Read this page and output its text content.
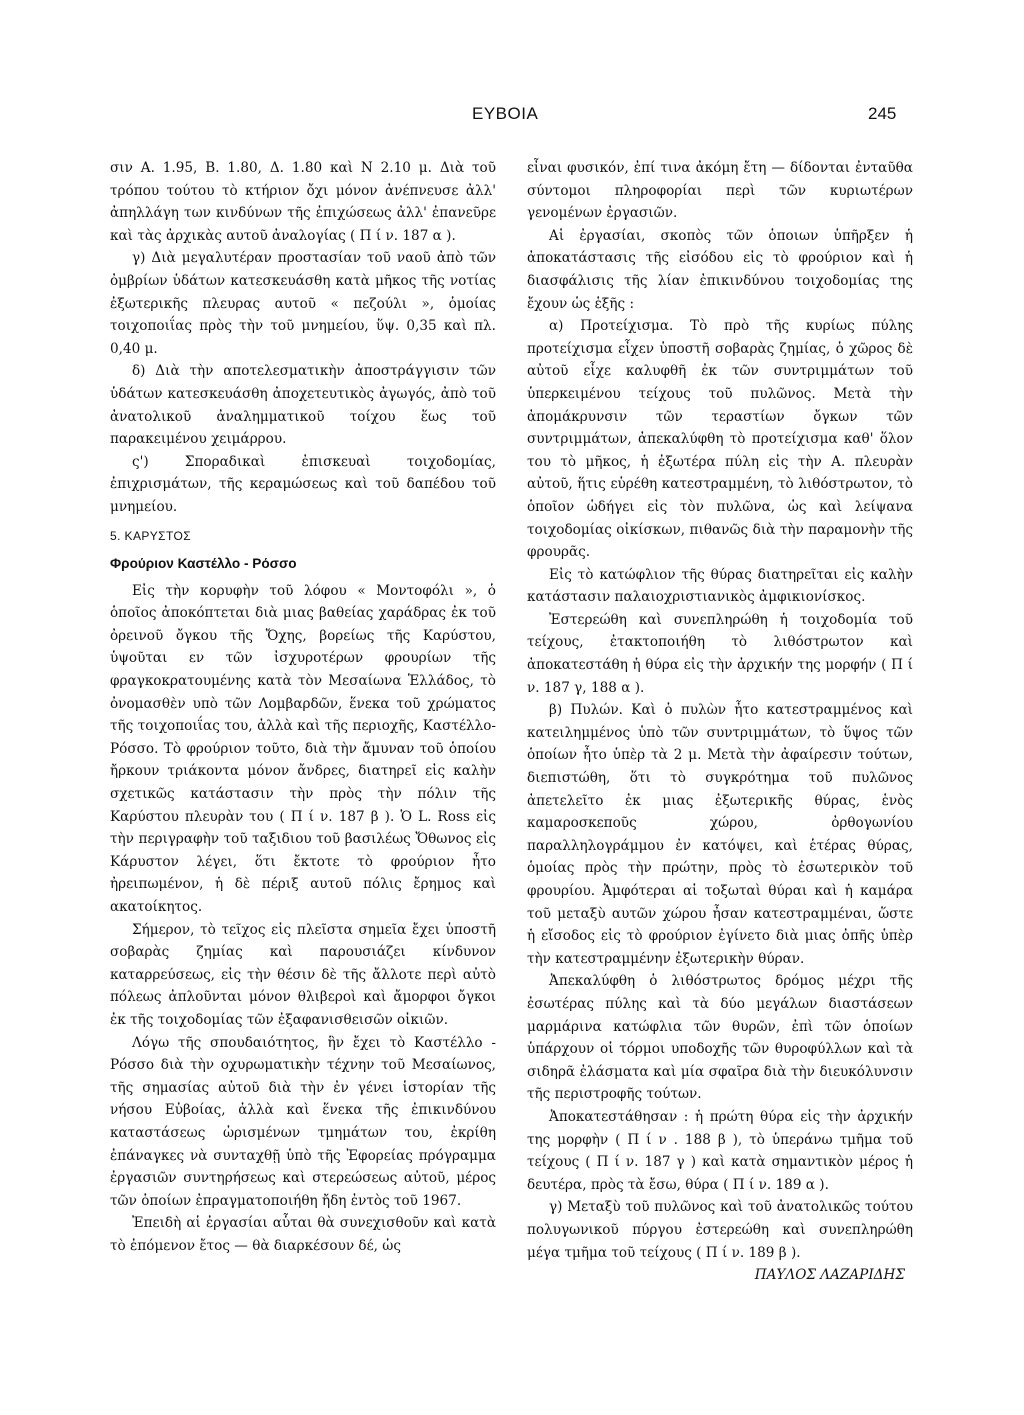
ΕΥΒΟΙΑ	245

σιν Α. 1.95, Β. 1.80, Δ. 1.80 καὶ Ν 2.10 μ. Διὰ τοῦ τρόπου τούτου τὸ κτήριον ὄχι μόνον ἀνέπνευσε ἀλλ' ἀπηλλάγη των κινδύνων τῆς ἐπιχώσεως ἀλλ' ἐπανεῦρε καὶ τὰς ἀρχικὰς αυτοῦ ἀναλογίας ( Π ί ν. 187 α ).

γ) Διὰ μεγαλυτέραν προστασίαν τοῦ ναοῦ ἀπὸ τῶν ὀμβρίων ὑδάτων κατεσκευάσθη κατὰ μῆκος τῆς νοτίας ἐξωτερικῆς πλευρας αυτοῦ « πεζούλι », ὁμοίας τοιχοποιΐας πρὸς τὴν τοῦ μνημείου, ὕψ. 0,35 καὶ πλ. 0,40 μ.

δ) Διὰ τὴν αποτελεσματικὴν ἀποστράγγισιν τῶν ὑδάτων κατεσκευάσθη ἀποχετευτικὸς ἀγωγός, ἀπὸ τοῦ ἀνατολικοῦ ἀναλημματικοῦ τοίχου ἕως τοῦ παρακειμένου χειμάρρου.

ς') Σποραδικαὶ ἐπισκευαὶ τοιχοδομίας, ἐπιχρισμάτων, τῆς κεραμώσεως καὶ τοῦ δαπέδου τοῦ μνημείου.

5. ΚΑΡΥΣΤΟΣ

Φρούριον Καστέλλο - Ρόσσο

Εἰς τὴν κορυφὴν τοῦ λόφου « Μοντοφόλι », ὁ ὁποῖος ἀποκόπτεται διὰ μιας βαθείας χαράδρας ἐκ τοῦ ὀρεινοῦ ὄγκου τῆς Ὄχης, βορείως τῆς Καρύστου, ὑψοῦται εν τῶν ἰσχυροτέρων φρουρίων τῆς φραγκοκρατουμένης κατὰ τὸν Μεσαίωνα Ἑλλάδος, τὸ ὀνομασθὲν υπὸ τῶν Λομβαρδῶν, ἕνεκα τοῦ χρώματος τῆς τοιχοποιΐας του, ἀλλὰ καὶ τῆς περιοχῆς, Καστέλλο-Ρόσσο. Τὸ φρούριον τοῦτο, διὰ τὴν ἄμυναν τοῦ ὁποίου ἤρκουν τριάκοντα μόνον ἄνδρες, διατηρεῖ εἰς καλὴν σχετικῶς κατάστασιν τὴν πρὸς τὴν πόλιν τῆς Καρύστου πλευρὰν του ( Π ί ν. 187 β ). Ὁ L. Ross εἰς τὴν περιγραφὴν τοῦ ταξιδιου τοῦ βασιλέως Ὄθωνος εἰς Κάρυστον λέγει, ὅτι ἔκτοτε τὸ φρούριον ἦτο ἠρειπωμένον, ἡ δὲ πέριξ αυτοῦ πόλις ἔρημος καὶ ακατοίκητος.

Σήμερον, τὸ τεῖχος εἰς πλεῖστα σημεῖα ἔχει ὑποστῆ σοβαρὰς ζημίας καὶ παρουσιάζει κίνδυνον καταρρεύσεως, εἰς τὴν θέσιν δὲ τῆς ἄλλοτε περὶ αὐτὸ πόλεως ἀπλοῦνται μόνον θλιβεροὶ καὶ ἄμορφοι ὄγκοι ἐκ τῆς τοιχοδομίας τῶν ἐξαφανισθεισῶν οἰκιῶν.

Λόγω τῆς σπουδαιότητος, ἣν ἔχει τὸ Καστέλλο - Ρόσσο διὰ τὴν οχυρωματικὴν τέχνην τοῦ Μεσαίωνος, τῆς σημασίας αὐτοῦ διὰ τὴν ἐν γένει ἱστορίαν τῆς νήσου Εὐβοίας, ἀλλὰ καὶ ἕνεκα τῆς ἐπικινδύνου καταστάσεως ὡρισμένων τμημάτων του, ἐκρίθη ἐπάναγκες νὰ συνταχθῇ ὑπὸ τῆς Ἐφορείας πρόγραμμα ἐργασιῶν συντηρήσεως καὶ στερεώσεως αὐτοῦ, μέρος τῶν ὁποίων ἐπραγματοποιήθη ἤδη ἐντὸς τοῦ 1967.

Ἐπειδὴ αἱ ἐργασίαι αὗται θὰ συνεχισθοῦν καὶ κατὰ τὸ ἐπόμενον ἔτος — θὰ διαρκέσουν δέ, ὡς

εἶναι φυσικόν, ἐπί τινα ἀκόμη ἔτη — δίδονται ἐνταῦθα σύντομοι πληροφορίαι περὶ τῶν κυριωτέρων γενομένων ἐργασιῶν.

Αἱ ἐργασίαι, σκοπὸς τῶν ὁποιων ὑπῆρξεν ἡ ἀποκατάστασις τῆς εἰσόδου εἰς τὸ φρούριον καὶ ἡ διασφάλισις τῆς λίαν ἐπικινδύνου τοιχοδομίας της ἔχουν ὡς ἑξῆς :

α) Προτείχισμα. Τὸ πρὸ τῆς κυρίως πύλης προτείχισμα εἶχεν ὑποστῆ σοβαρὰς ζημίας, ὁ χῶρος δὲ αὐτοῦ εἶχε καλυφθῆ ἐκ τῶν συντριμμάτων τοῦ ὑπερκειμένου τείχους τοῦ πυλῶνος. Μετὰ τὴν ἀπομάκρυνσιν τῶν τεραστίων ὄγκων τῶν συντριμμάτων, ἀπεκαλύφθη τὸ προτείχισμα καθ' ὅλον του τὸ μῆκος, ἡ ἐξωτέρα πύλη εἰς τὴν Α. πλευρὰν αὐτοῦ, ἥτις εὑρέθη κατεστραμμένη, τὸ λιθόστρωτον, τὸ ὁποῖον ὡδήγει εἰς τὸν πυλῶνα, ὡς καὶ λείψανα τοιχοδομίας οἰκίσκων, πιθανῶς διὰ τὴν παραμονὴν τῆς φρουρᾶς.

Εἰς τὸ κατώφλιον τῆς θύρας διατηρεῖται εἰς καλὴν κατάστασιν παλαιοχριστιανικὸς ἀμφικιονίσκος.

Ἐστερεώθη καὶ συνεπληρώθη ἡ τοιχοδομία τοῦ τείχους, ἐτακτοποιήθη τὸ λιθόστρωτον καὶ ἀποκατεστάθη ἡ θύρα εἰς τὴν ἀρχικήν της μορφήν ( Π ί ν. 187 γ, 188 α ).

β) Πυλών. Καὶ ὁ πυλὼν ἦτο κατεστραμμένος καὶ κατειλημμένος ὑπὸ τῶν συντριμμάτων, τὸ ὕψος τῶν ὁποίων ἦτο ὑπὲρ τὰ 2 μ. Μετὰ τὴν ἀφαίρεσιν τούτων, διεπιστώθη, ὅτι τὸ συγκρότημα τοῦ πυλῶνος ἀπετελεῖτο ἐκ μιας ἐξωτερικῆς θύρας, ἑνὸς καμαροσκεποῦς χώρου, ὀρθογωνίου παραλληλογράμμου ἐν κατόψει, καὶ ἑτέρας θύρας, ὁμοίας πρὸς τὴν πρώτην, πρὸς τὸ ἐσωτερικὸν τοῦ φρουρίου. Ἀμφότεραι αἱ τοξωταὶ θύραι καὶ ἡ καμάρα τοῦ μεταξὺ αυτῶν χώρου ἦσαν κατεστραμμέναι, ὥστε ἡ εἴσοδος εἰς τὸ φρούριον ἐγίνετο διὰ μιας ὀπῆς ὑπὲρ τὴν κατεστραμμένην ἐξωτερικὴν θύραν.

Ἀπεκαλύφθη ὁ λιθόστρωτος δρόμος μέχρι τῆς ἐσωτέρας πύλης καὶ τὰ δύο μεγάλων διαστάσεων μαρμάρινα κατώφλια τῶν θυρῶν, ἐπὶ τῶν ὁποίων ὑπάρχουν οἱ τόρμοι υποδοχῆς τῶν θυροφύλλων καὶ τὰ σιδηρᾶ ἐλάσματα καὶ μία σφαῖρα διὰ τὴν διευκόλυνσιν τῆς περιστροφῆς τούτων.

Ἀποκατεστάθησαν : ἡ πρώτη θύρα εἰς τὴν ἀρχικήν της μορφὴν ( Π ί ν . 188 β ), τὸ ὑπεράνω τμῆμα τοῦ τείχους ( Π ί ν. 187 γ ) καὶ κατὰ σημαντικὸν μέρος ἡ δευτέρα, πρὸς τὰ ἔσω, θύρα ( Π ί ν. 189 α ).

γ) Μεταξὺ τοῦ πυλῶνος καὶ τοῦ ἀνατολικῶς τούτου πολυγωνικοῦ πύργου ἐστερεώθη καὶ συνεπληρώθη μέγα τμῆμα τοῦ τείχους ( Π ί ν. 189 β ).

ΠΑΥΛΟΣ ΛΑΖΑΡΙΔΗΣ
